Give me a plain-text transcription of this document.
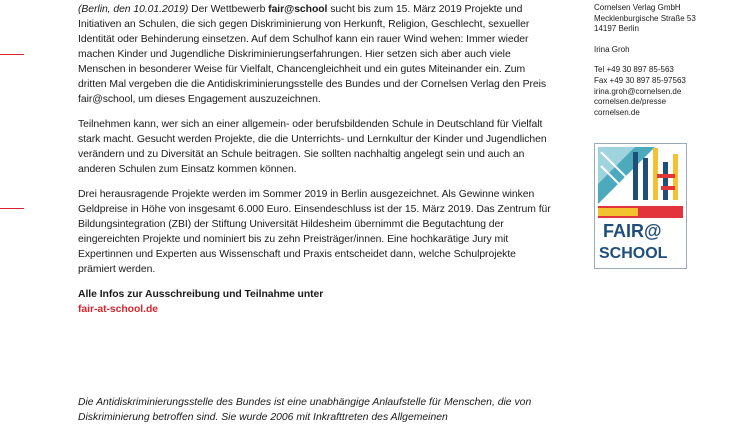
(Berlin, den 10.01.2019) Der Wettbewerb fair@school sucht bis zum 15. März 2019 Projekte und Initiativen an Schulen, die sich gegen Diskriminierung von Herkunft, Religion, Geschlecht, sexueller Identität oder Behinderung einsetzen. Auf dem Schulhof kann ein rauer Wind wehen: Immer wieder machen Kinder und Jugendliche Diskriminierungserfahrungen. Hier setzen sich aber auch viele Menschen in besonderer Weise für Vielfalt, Chancengleichheit und ein gutes Miteinander ein. Zum dritten Mal vergeben die die Antidiskriminierungsstelle des Bundes und der Cornelsen Verlag den Preis fair@school, um dieses Engagement auszuzeichnen.

Teilnehmen kann, wer sich an einer allgemein- oder berufsbildenden Schule in Deutschland für Vielfalt stark macht. Gesucht werden Projekte, die die Unterrichts- und Lernkultur der Kinder und Jugendlichen verändern und zu Diversität an Schule beitragen. Sie sollten nachhaltig angelegt sein und auch an anderen Schulen zum Einsatz kommen können.

Drei herausragende Projekte werden im Sommer 2019 in Berlin ausgezeichnet. Als Gewinne winken Geldpreise in Höhe von insgesamt 6.000 Euro. Einsendeschluss ist der 15. März 2019. Das Zentrum für Bildungsintegration (ZBI) der Stiftung Universität Hildesheim übernimmt die Begutachtung der eingereichten Projekte und nominiert bis zu zehn Preisträger/innen. Eine hochkarätige Jury mit Expertinnen und Experten aus Wissenschaft und Praxis entscheidet dann, welche Schulprojekte prämiert werden.

Alle Infos zur Ausschreibung und Teilnahme unter

fair-at-school.de

Die Antidiskriminierungsstelle des Bundes ist eine unabhängige Anlaufstelle für Menschen, die von Diskriminierung betroffen sind. Sie wurde 2006 mit Inkrafttreten des Allgemeinen
Cornelsen Verlag GmbH
Mecklenburgische Straße 53
14197 Berlin
Irina Groh
Tel +49 30 897 85-563
Fax +49 30 897 85-97563
irina.groh@cornelsen.de
cornelsen.de/presse
cornelsen.de
FAIR@
SCHOOL
